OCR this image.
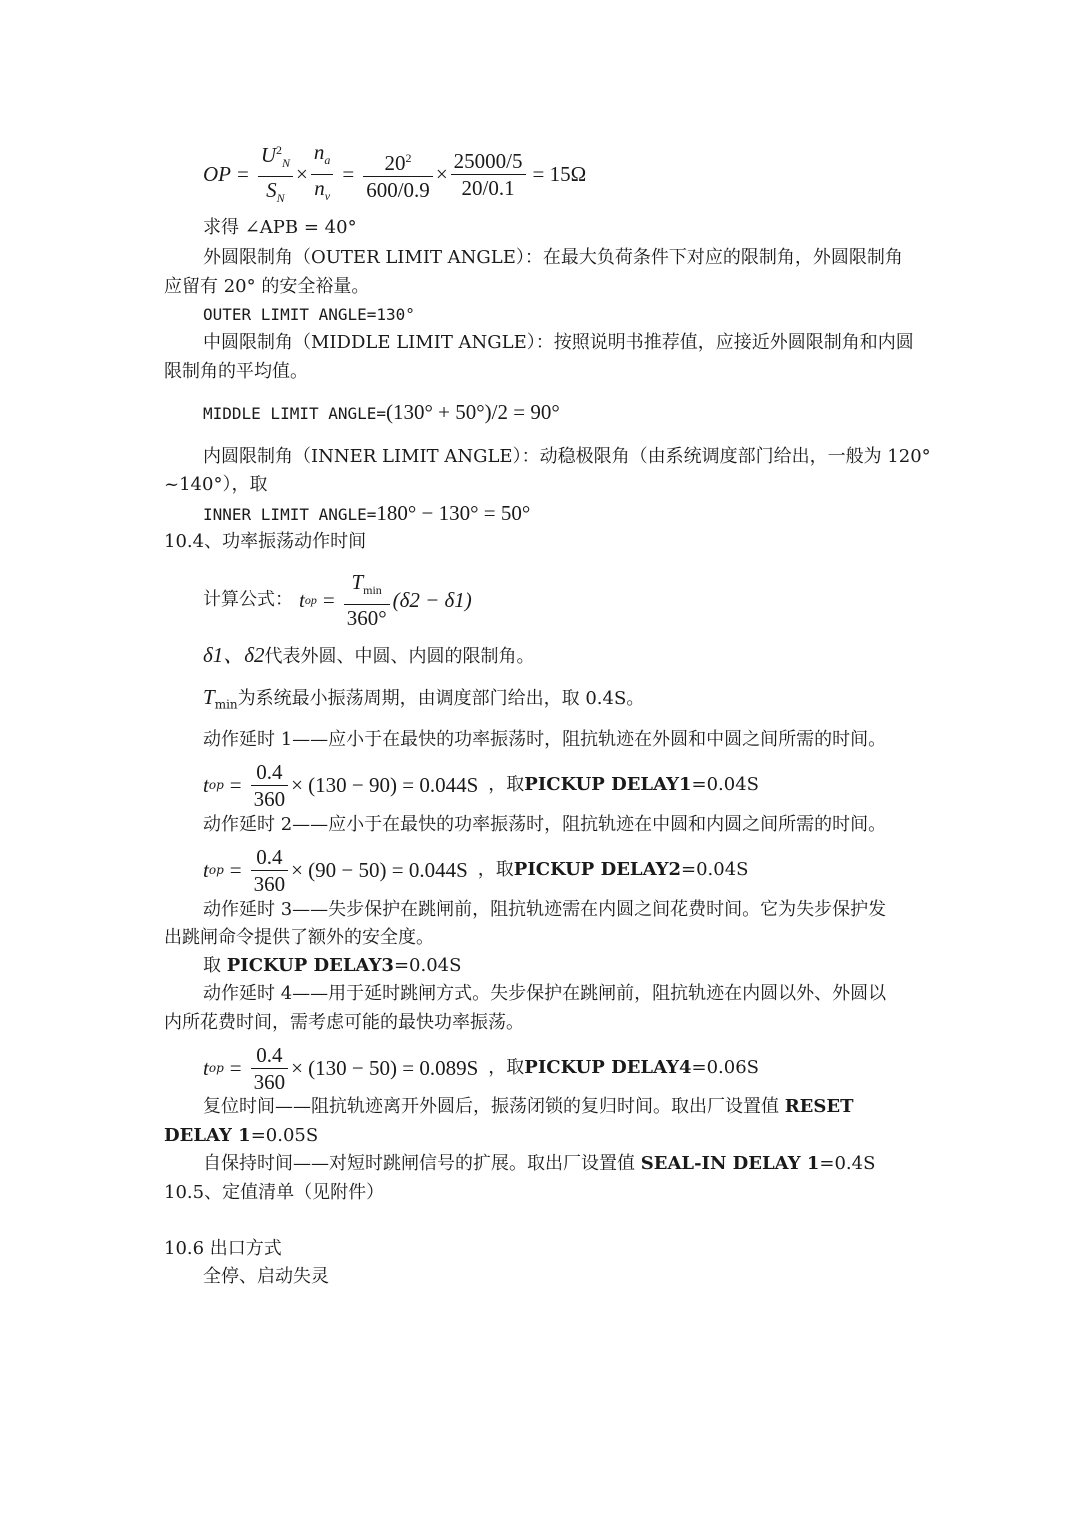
OP = $\frac{U^2_N}{S_N} \times \frac{n_a}{n_v} = \frac{20^2}{600/0.9} \times \frac{25000/5}{20/0.1} = 15\Omega$
求得 ∠APB = 40°
外圆限制角（OUTER LIMIT ANGLE）：在最大负荷条件下对应的限制角，外圆限制角
应留有 20° 的安全裕量。
OUTER LIMIT ANGLE=130°
中圆限制角（MIDDLE LIMIT ANGLE）：按照说明书推荐值，应接近外圆限制角和内圆
限制角的平均值。
MIDDLE LIMIT ANGLE=(130° + 50°)/2 = 90°
内圆限制角（INNER LIMIT ANGLE）：动稳极限角（由系统调度部门给出，一般为 120°
~140°），取
INNER LIMIT ANGLE=180° − 130° = 50°
10.4、功率振荡动作时间
计算公式： t op = $\frac{T_{min}}{360^\circ} (\delta 2 - \delta 1)$
δ1、δ2代表外圆、中圆、内圆的限制角。
$T_{min}$为系统最小振荡周期，由调度部门给出，取 0.4S。
动作延时 1——应小于在最快的功率振荡时，阻抗轨迹在外圆和中圆之间所需的时间。
t op = $\frac{0.4}{360} \times (130 - 90) = 0.044S$ ，取 PICKUP DELAY1 =0.04S
动作延时 2——应小于在最快的功率振荡时，阻抗轨迹在中圆和内圆之间所需的时间。
t op = $\frac{0.4}{360} \times (90 - 50) = 0.044S$ ，取 PICKUP DELAY2 =0.04S
动作延时 3——失步保护在跳闸前，阻抗轨迹需在内圆之间花费时间。它为失步保护发
出跳闸命令提供了额外的安全度。
取 PICKUP DELAY3=0.04S
动作延时 4——用于延时跳闸方式。失步保护在跳闸前，阻抗轨迹在内圆以外、外圆以
内所花费时间，需考虑可能的最快功率振荡。
t op = $\frac{0.4}{360} \times (130 - 50) = 0.089S$ ，取 PICKUP DELAY4 =0.06S
复位时间——阻抗轨迹离开外圆后，振荡闭锁的复归时间。取出厂设置值 RESET
DELAY 1=0.05S
自保持时间——对短时跳闸信号的扩展。取出厂设置值 SEAL-IN DELAY 1=0.4S
10.5、定值清单（见附件）
10.6 出口方式
全停、启动失灵
